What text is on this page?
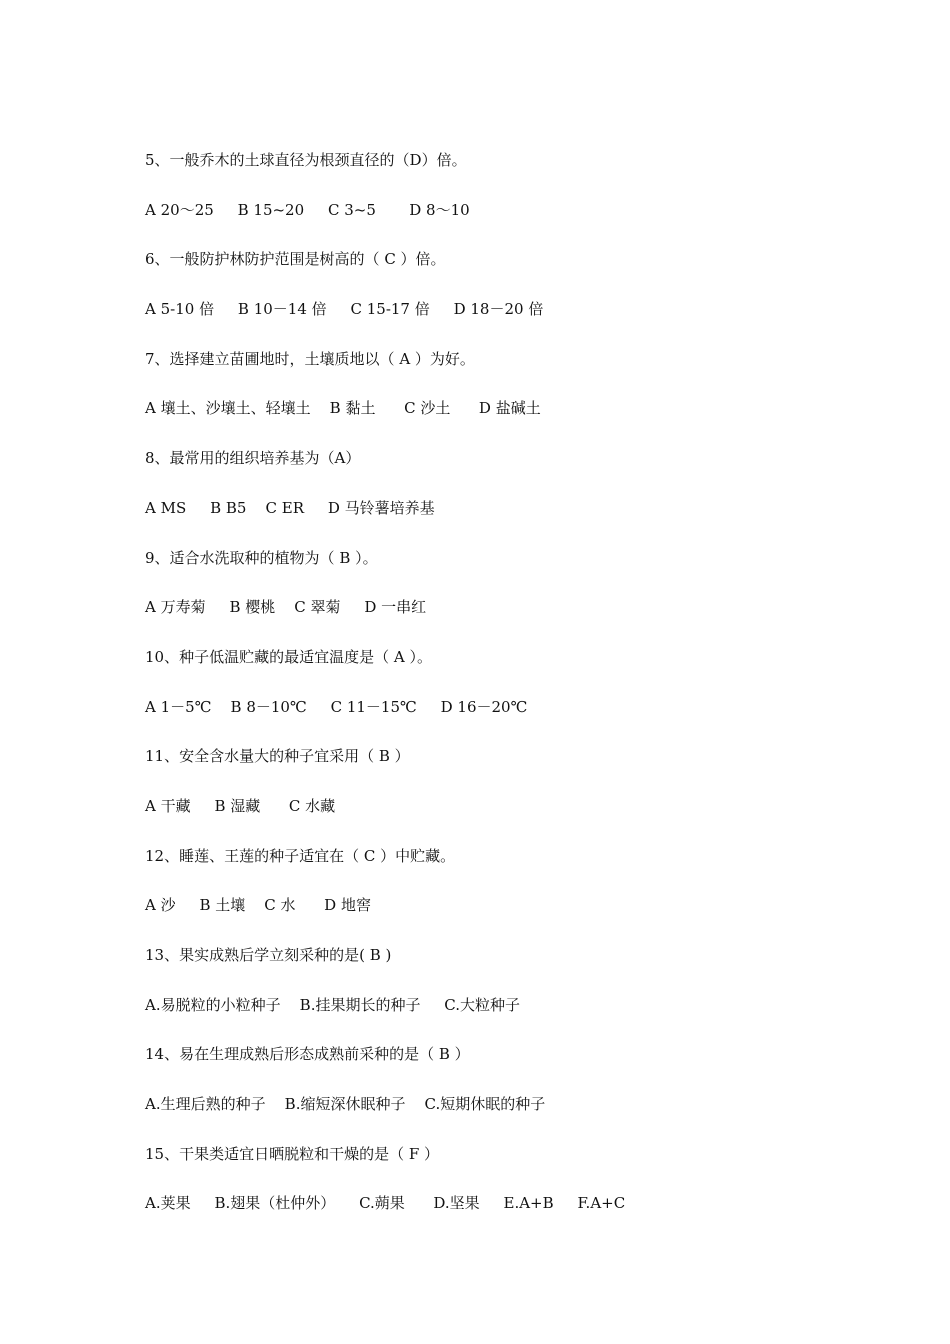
5、一般乔木的土球直径为根颈直径的（D）倍。
A 20～25     B 15~20     C 3~5       D 8～10
6、一般防护林防护范围是树高的（ C ）倍。
A 5-10 倍     B 10－14 倍     C 15-17 倍     D 18－20 倍
7、选择建立苗圃地时，土壤质地以（ A ）为好。
A 壤土、沙壤土、轻壤土    B 黏土      C 沙土      D 盐碱土
8、最常用的组织培养基为（A）
A MS     B B5    C ER     D 马铃薯培养基
9、适合水洗取种的植物为（ B ）。
A 万寿菊     B 樱桃    C 翠菊     D 一串红
10、种子低温贮藏的最适宜温度是（ A ）。
A 1－5℃    B 8－10℃     C 11－15℃     D 16－20℃
11、安全含水量大的种子宜采用（ B ）
A 干藏     B 湿藏      C 水藏
12、睡莲、王莲的种子适宜在（ C ）中贮藏。
A 沙     B 土壤    C 水      D 地窖
13、果实成熟后学立刻采种的是( B )
A.易脱粒的小粒种子    B.挂果期长的种子     C.大粒种子
14、易在生理成熟后形态成熟前采种的是（ B ）
A.生理后熟的种子    B.缩短深休眠种子    C.短期休眠的种子
15、干果类适宜日晒脱粒和干燥的是（ F ）
A.荚果     B.翅果（杜仲外）     C.蒴果      D.坚果     E.A+B     F.A+C
